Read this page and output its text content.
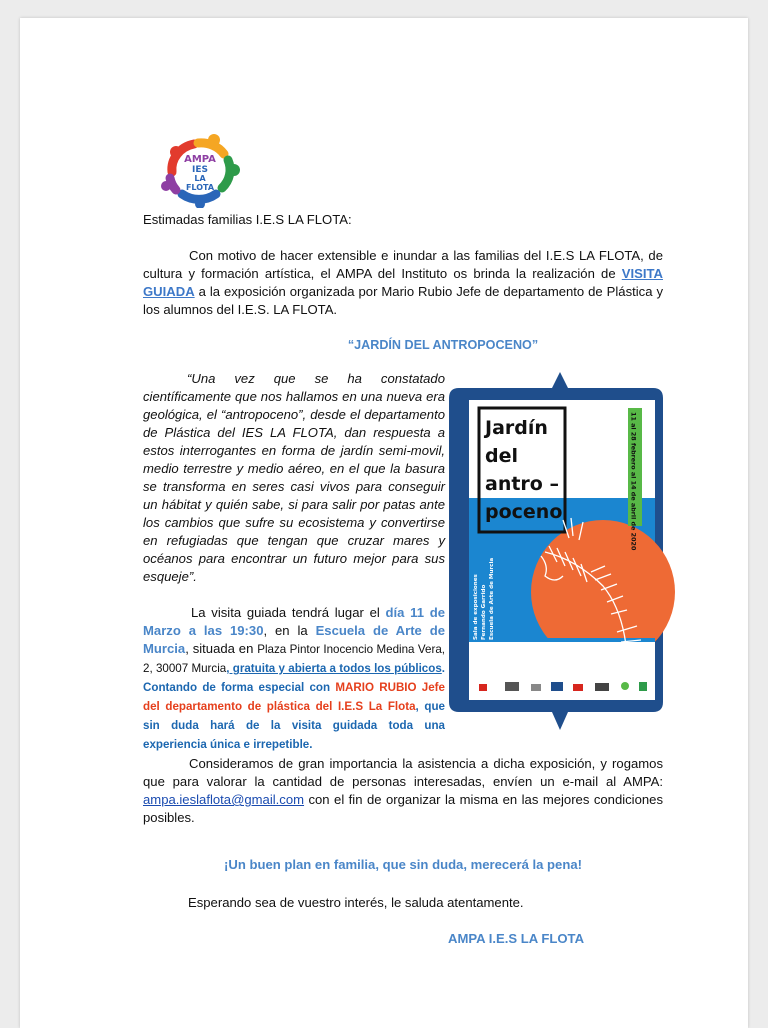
AMPA
IES
LA
FLOTA
Estimadas familias I.E.S LA FLOTA:
Con motivo de hacer extensible e inundar a las familias del I.E.S LA FLOTA, de cultura y formación artística, el AMPA del Instituto os brinda la realización de VISITA GUIADA a la exposición organizada por Mario Rubio Jefe de departamento de Plástica y los alumnos del I.E.S. LA FLOTA.
“JARDÍN DEL ANTROPOCENO”
“Una vez que se ha constatado científicamente que nos hallamos en una nueva era geológica, el “antropoceno”, desde el departamento de Plástica del IES LA FLOTA, dan respuesta a estos interrogantes en forma de jardín semi-movil, medio terrestre y medio aéreo, en el que la basura se transforma en seres casi vivos para conseguir un hábitat y quién sabe, si para salir por patas ante los cambios que sufre su ecosistema y convertirse en refugiadas que tengan que cruzar mares y océanos para encontrar un futuro mejor para sus esqueje”.
La visita guiada tendrá lugar el día 11 de Marzo a las 19:30, en la Escuela de Arte de Murcia, situada en Plaza Pintor Inocencio Medina Vera, 2, 30007 Murcia, gratuita y abierta a todos los públicos. Contando de forma especial con MARIO RUBIO Jefe del departamento de plástica del I.E.S La Flota, que sin duda hará de la visita guidada toda una experiencia única e irrepetible.
Jardín
del
antro –
poceno	11 al 28 febrero al 14 de abril de 2020
Sala de exposiciones Fernando Garrido Escuela de Arte de Murcia
Consideramos de gran importancia la asistencia a dicha exposición, y rogamos que para valorar la cantidad de personas interesadas, envíen un e-mail al AMPA: ampa.ieslaflota@gmail.com con el fin de organizar la misma en las mejores condiciones posibles.
¡Un buen plan en familia, que sin duda, merecerá la pena!
Esperando sea de vuestro interés, le saluda atentamente.
AMPA I.E.S LA FLOTA
